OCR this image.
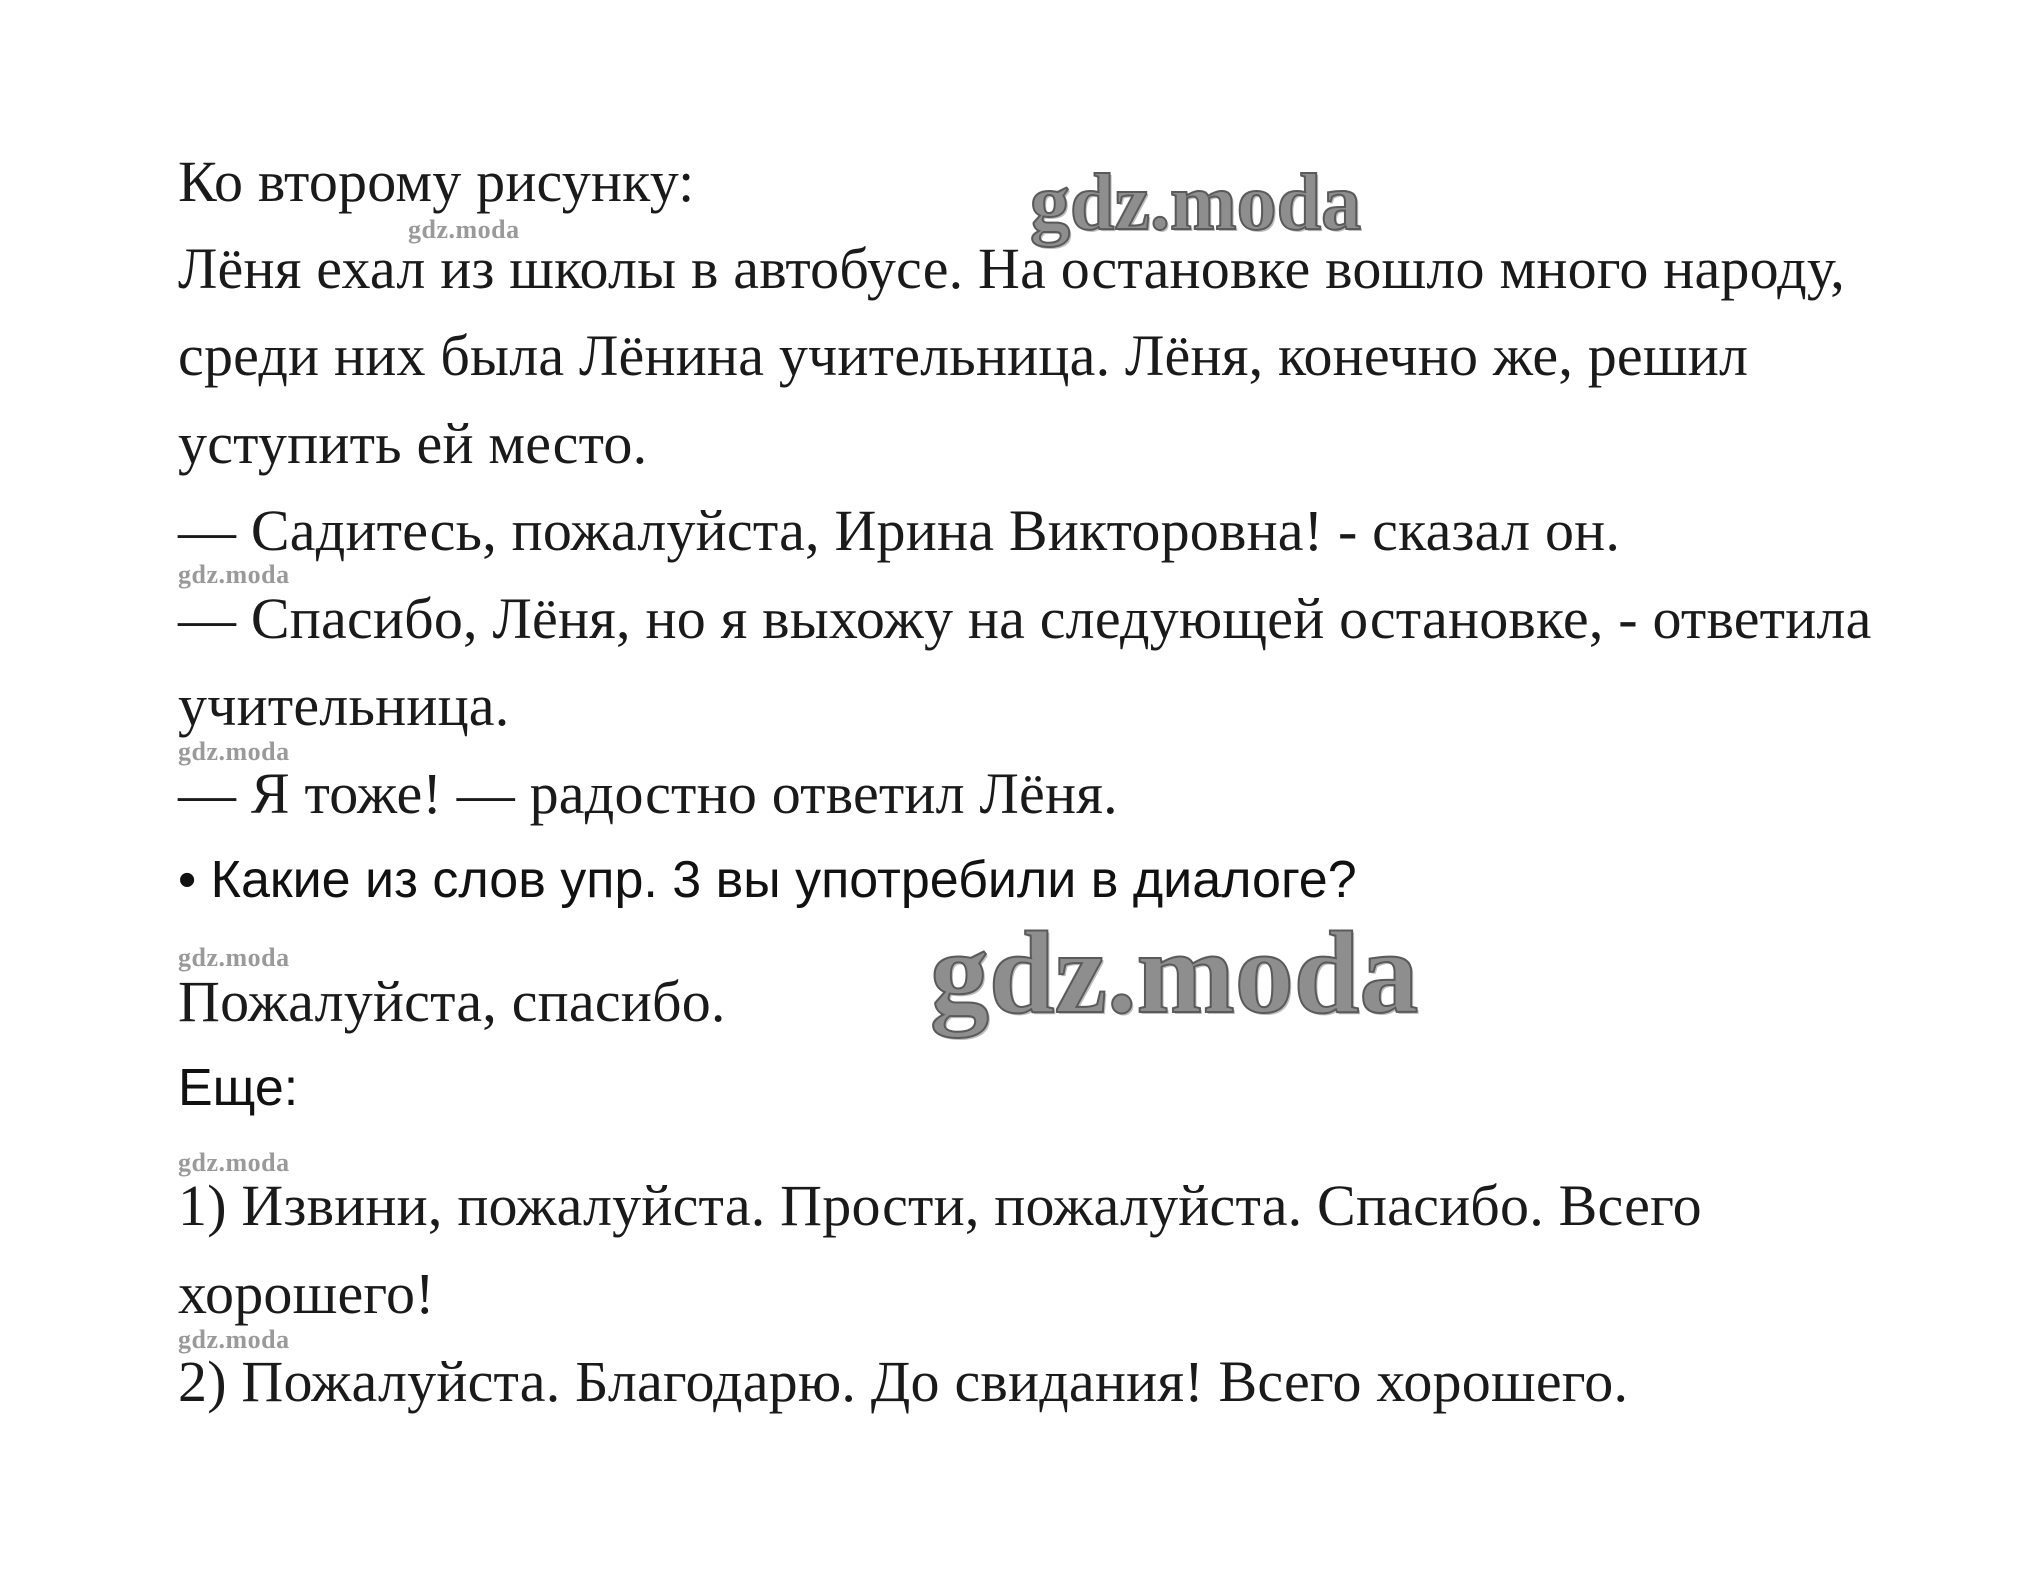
gdz.moda
gdz.moda
Ко второму рисунку:
Лёня ехал из школы в автобусе. На остановке вошло много народу,
среди них была Лёнина учительница. Лёня, конечно же, решил
уступить ей место.
— Садитесь, пожалуйста, Ирина Викторовна! - сказал он.
gdz.moda
— Спасибо, Лёня, но я выхожу на следующей остановке, - ответила
учительница.
gdz.moda
— Я тоже! — радостно ответил Лёня.
• Какие из слов упр. 3 вы употребили в диалоге?
gdz.moda	gdz.moda
Пожалуйста, спасибо.
Еще:
gdz.moda
1) Извини, пожалуйста. Прости, пожалуйста. Спасибо. Всего
хорошего!
gdz.moda
2) Пожалуйста. Благодарю. До свидания! Всего хорошего.
